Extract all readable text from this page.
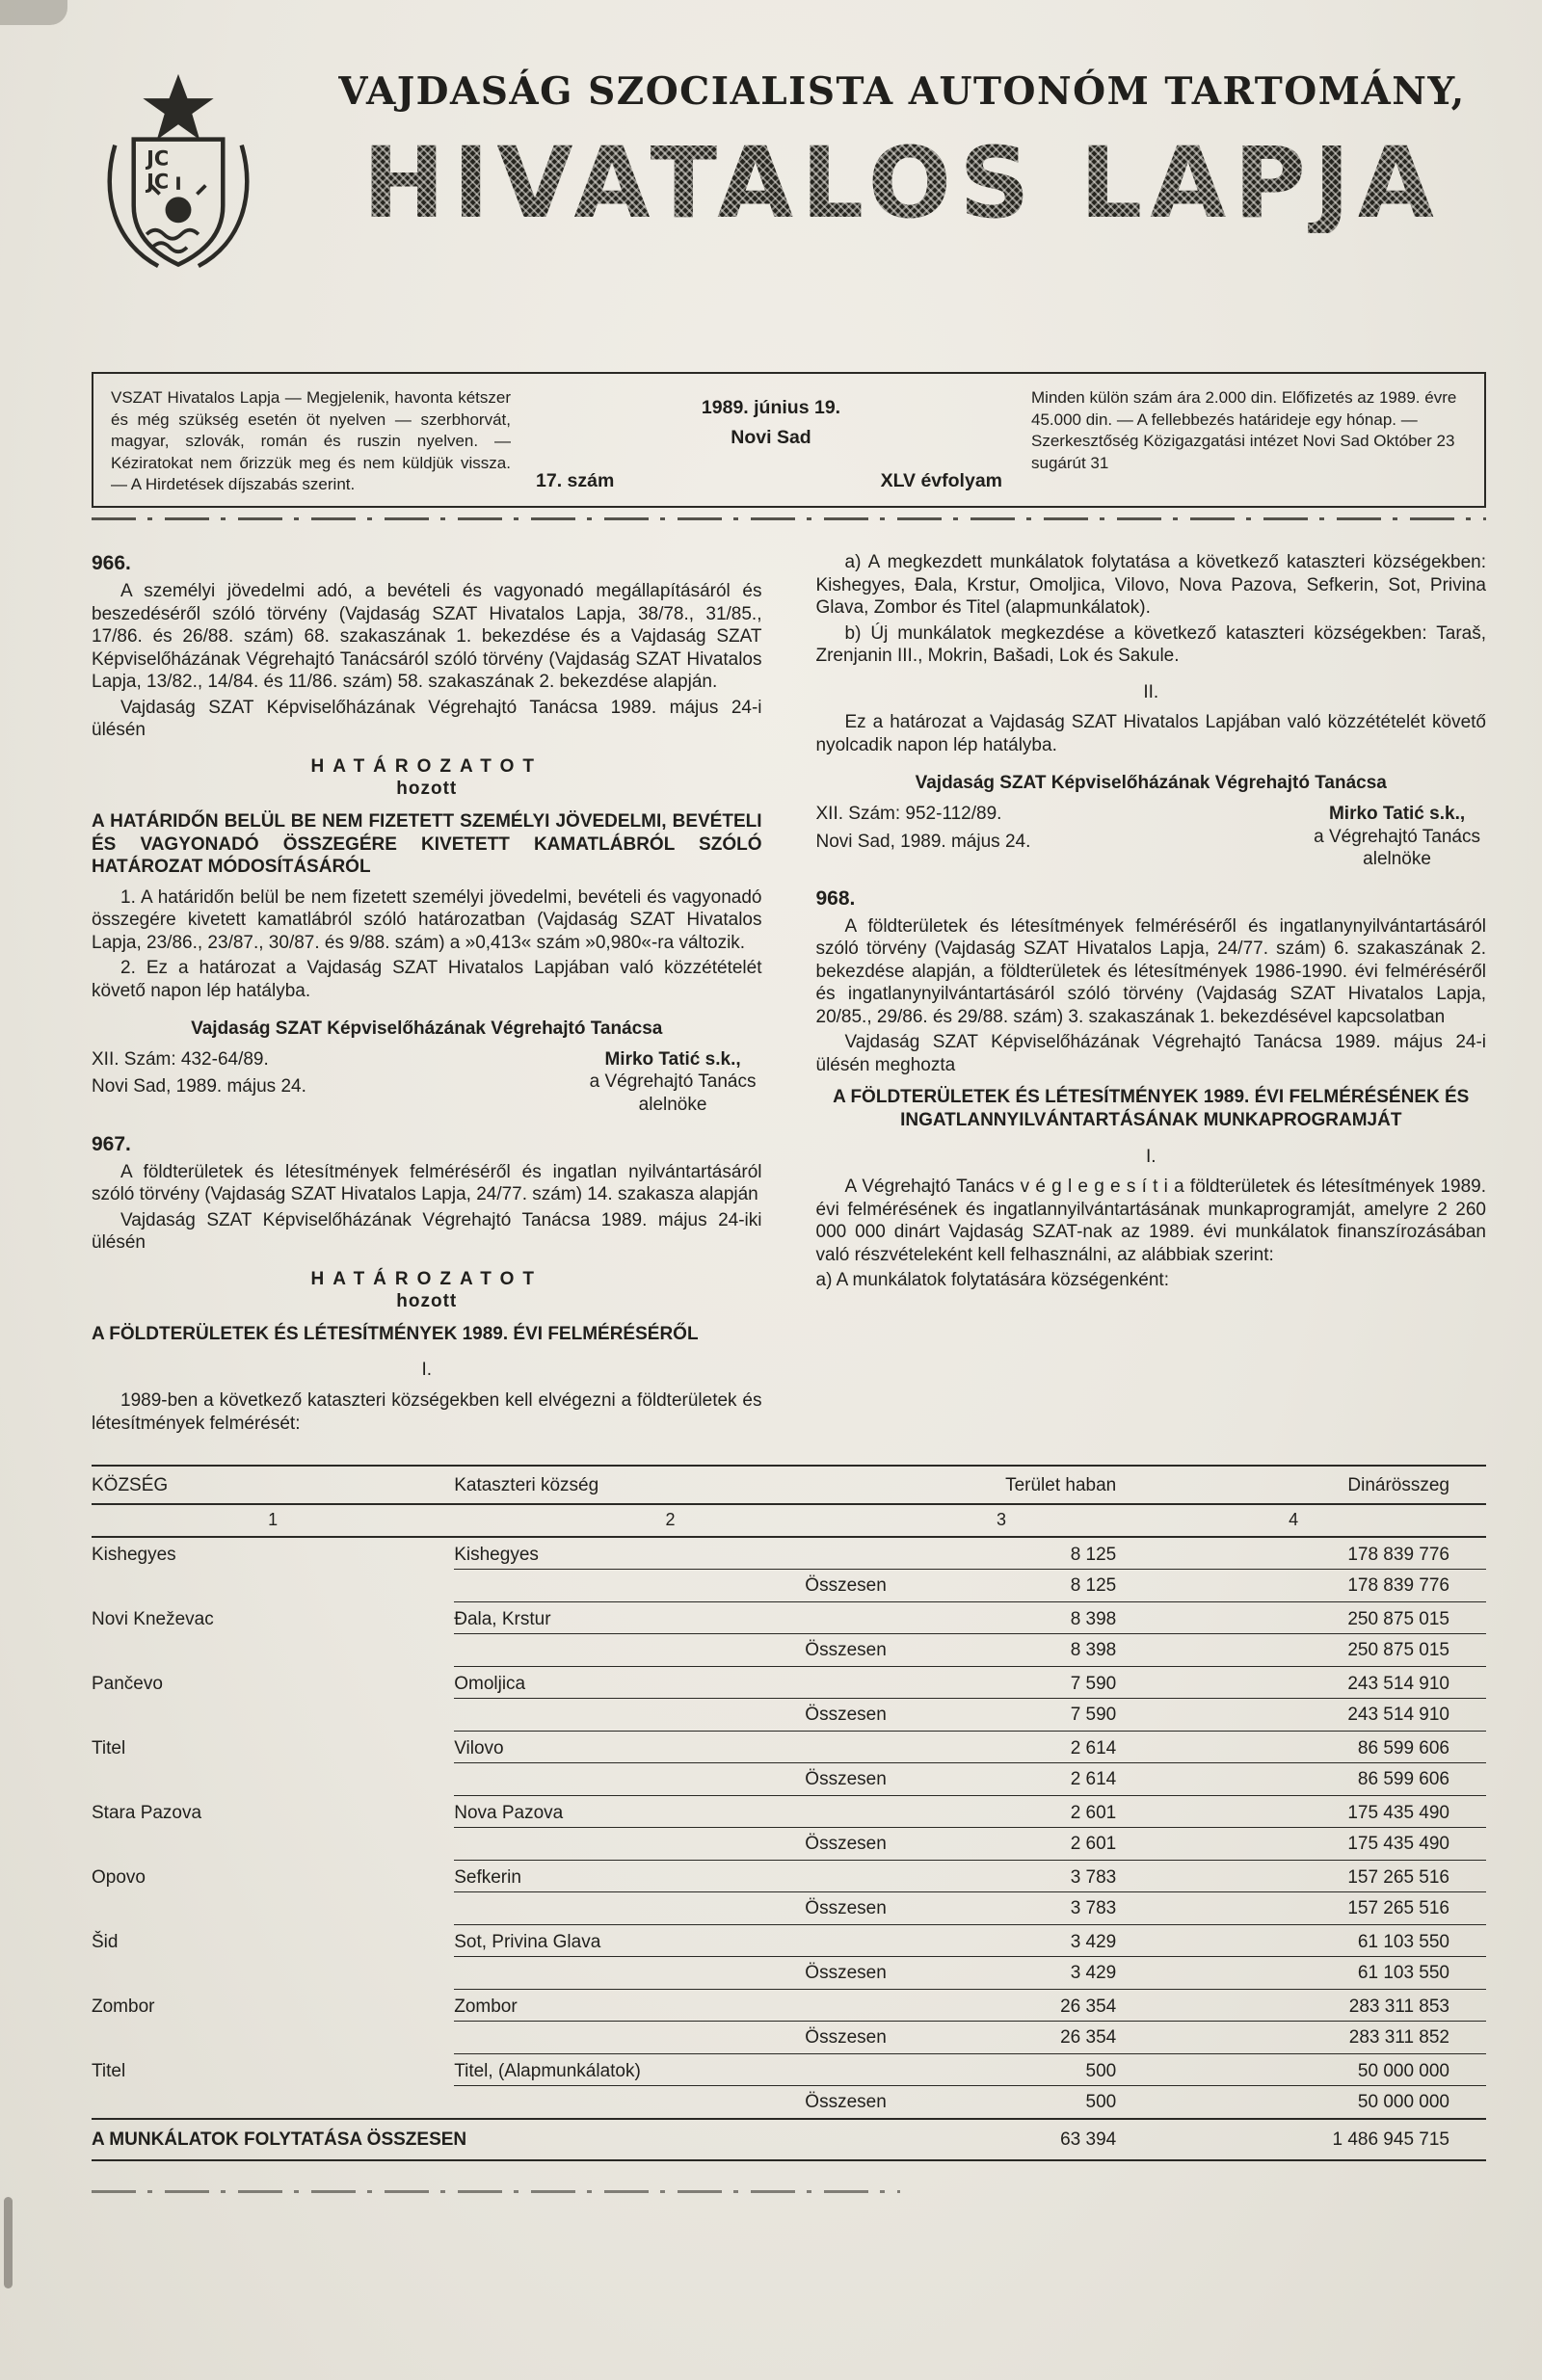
ЈС
ЈС
VAJDASÁG SZOCIALISTA AUTONÓM TARTOMÁNY,
HIVATALOS LAPJA
VSZAT Hivatalos Lapja — Megjelenik, havonta kétszer és még szükség esetén öt nyelven — szerbhorvát, magyar, szlovák, román és ruszin nyelven. — Kéziratokat nem őrizzük meg és nem küldjük vissza. — A Hirdetések díjszabás szerint.
1989. június 19.
Novi Sad
17. szám	XLV évfolyam
Minden külön szám ára 2.000 din. Előfizetés az 1989. évre 45.000 din. — A fellebbezés határideje egy hónap. — Szerkesztőség Közigazgatási intézet Novi Sad Október 23 sugárút 31
966.

A személyi jövedelmi adó, a bevételi és vagyonadó megállapításáról és beszedéséről szóló törvény (Vajdaság SZAT Hivatalos Lapja, 38/78., 31/85., 17/86. és 26/88. szám) 68. szakaszának 1. bekezdése és a Vajdaság SZAT Képviselőházának Végrehajtó Tanácsáról szóló törvény (Vajdaság SZAT Hivatalos Lapja, 13/82., 14/84. és 11/86. szám) 58. szakaszának 2. bekezdése alapján.

Vajdaság SZAT Képviselőházának Végrehajtó Tanácsa 1989. május 24-i ülésén

HATÁROZATOT
hozott
A HATÁRIDŐN BELÜL BE NEM FIZETETT SZEMÉLYI JÖVEDELMI, BEVÉTELI ÉS VAGYONADÓ ÖSSZEGÉRE KIVETETT KAMATLÁBRÓL SZÓLÓ HATÁROZAT MÓDOSÍTÁSÁRÓL

1. A határidőn belül be nem fizetett személyi jövedelmi, bevételi és vagyonadó összegére kivetett kamatlábról szóló határozatban (Vajdaság SZAT Hivatalos Lapja, 23/86., 23/87., 30/87. és 9/88. szám) a »0,413« szám »0,980«-ra változik.

2. Ez a határozat a Vajdaság SZAT Hivatalos Lapjában való közzétételét követő napon lép hatályba.

Vajdaság SZAT Képviselőházának Végrehajtó Tanácsa
XII. Szám: 432-64/89.
Novi Sad, 1989. május 24.
Mirko Tatić s.k.,
a Végrehajtó Tanács
alelnöke
967.

A földterületek és létesítmények felméréséről és ingatlan nyilvántartásáról szóló törvény (Vajdaság SZAT Hivatalos Lapja, 24/77. szám) 14. szakasza alapján

Vajdaság SZAT Képviselőházának Végrehajtó Tanácsa 1989. május 24-iki ülésén

HATÁROZATOT
hozott
A FÖLDTERÜLETEK ÉS LÉTESÍTMÉNYEK 1989. ÉVI FELMÉRÉSÉRŐL
I.

1989-ben a következő kataszteri községekben kell elvégezni a földterületek és létesítmények felmérését:

a) A megkezdett munkálatok folytatása a következő kataszteri községekben: Kishegyes, Đala, Krstur, Omoljica, Vilovo, Nova Pazova, Sefkerin, Sot, Privina Glava, Zombor és Titel (alapmunkálatok).

b) Új munkálatok megkezdése a következő kataszteri községekben: Taraš, Zrenjanin III., Mokrin, Bašadi, Lok és Sakule.

II.

Ez a határozat a Vajdaság SZAT Hivatalos Lapjában való közzétételét követő nyolcadik napon lép hatályba.

Vajdaság SZAT Képviselőházának Végrehajtó Tanácsa
XII. Szám: 952-112/89.
Novi Sad, 1989. május 24.
Mirko Tatić s.k.,
a Végrehajtó Tanács
alelnöke
968.

A földterületek és létesítmények felméréséről és ingatlanynyilvántartásáról szóló törvény (Vajdaság SZAT Hivatalos Lapja, 24/77. szám) 6. szakaszának 2. bekezdése alapján, a földterületek és létesítmények 1986-1990. évi felméréséről és ingatlanynyilvántartásáról szóló törvény (Vajdaság SZAT Hivatalos Lapja, 20/85., 29/86. és 29/88. szám) 3. szakaszának 1. bekezdésével kapcsolatban

Vajdaság SZAT Képviselőházának Végrehajtó Tanácsa 1989. május 24-i ülésén meghozta

A FÖLDTERÜLETEK ÉS LÉTESÍTMÉNYEK 1989. ÉVI FELMÉRÉSÉNEK ÉS INGATLANNYILVÁNTARTÁSÁNAK MUNKAPROGRAMJÁT
I.

A Végrehajtó Tanács v é g l e g e s í t i a földterületek és létesítmények 1989. évi felmérésének és ingatlannyilvántartásának munkaprogramját, amelyre 2 260 000 000 dinárt Vajdaság SZAT-nak az 1989. évi munkálatok finanszírozásában való részvételeként kell felhasználni, az alábbiak szerint:

a) A munkálatok folytatására községenként:

KÖZSÉG	Kataszteri község	Terület haban	Dinárösszeg
1	2	3	4
Kishegyes	Kishegyes	8 125	178 839 776
	Összesen	8 125	178 839 776
Novi Kneževac	Đala, Krstur	8 398	250 875 015
	Összesen	8 398	250 875 015
Pančevo	Omoljica	7 590	243 514 910
	Összesen	7 590	243 514 910
Titel	Vilovo	2 614	86 599 606
	Összesen	2 614	86 599 606
Stara Pazova	Nova Pazova	2 601	175 435 490
	Összesen	2 601	175 435 490
Opovo	Sefkerin	3 783	157 265 516
	Összesen	3 783	157 265 516
Šid	Sot, Privina Glava	3 429	61 103 550
	Összesen	3 429	61 103 550
Zombor	Zombor	26 354	283 311 853
	Összesen	26 354	283 311 852
Titel	Titel, (Alapmunkálatok)	500	50 000 000
	Összesen	500	50 000 000
A MUNKÁLATOK FOLYTATÁSA ÖSSZESEN		63 394	1 486 945 715
